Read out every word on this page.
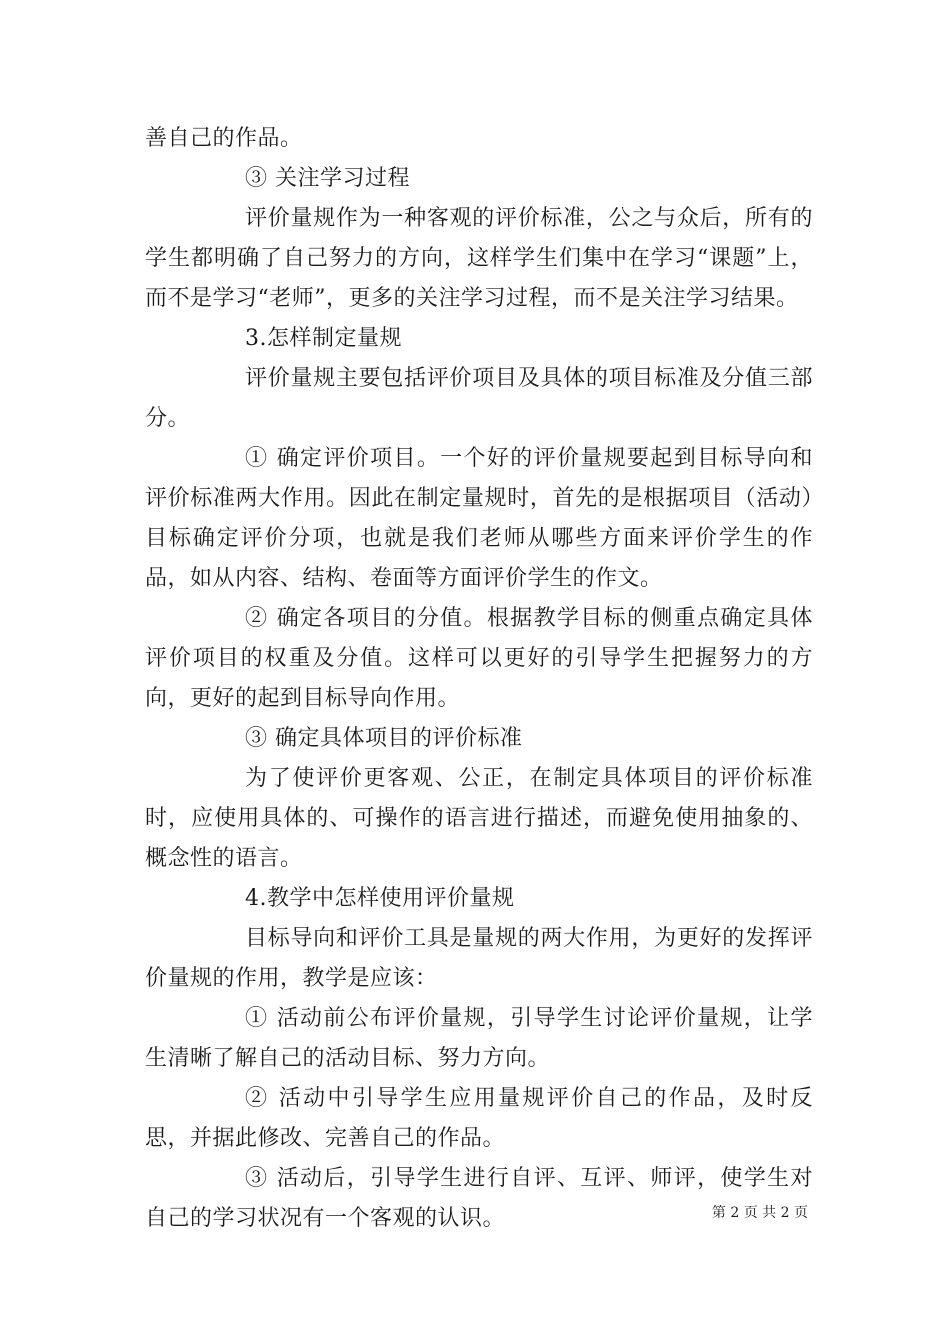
善自己的作品。

③ 关注学习过程

评价量规作为一种客观的评价标准，公之与众后，所有的学生都明确了自己努力的方向，这样学生们集中在学习“课题”上，而不是学习“老师”，更多的关注学习过程，而不是关注学习结果。

3.怎样制定量规

评价量规主要包括评价项目及具体的项目标准及分值三部分。

① 确定评价项目。一个好的评价量规要起到目标导向和评价标准两大作用。因此在制定量规时，首先的是根据项目（活动）目标确定评价分项，也就是我们老师从哪些方面来评价学生的作品，如从内容、结构、卷面等方面评价学生的作文。

② 确定各项目的分值。根据教学目标的侧重点确定具体评价项目的权重及分值。这样可以更好的引导学生把握努力的方向，更好的起到目标导向作用。

③ 确定具体项目的评价标准

为了使评价更客观、公正，在制定具体项目的评价标准时，应使用具体的、可操作的语言进行描述，而避免使用抽象的、概念性的语言。

4.教学中怎样使用评价量规

目标导向和评价工具是量规的两大作用，为更好的发挥评价量规的作用，教学是应该：

① 活动前公布评价量规，引导学生讨论评价量规，让学生清晰了解自己的活动目标、努力方向。

② 活动中引导学生应用量规评价自己的作品，及时反思，并据此修改、完善自己的作品。

③ 活动后，引导学生进行自评、互评、师评，使学生对自己的学习状况有一个客观的认识。	第 2 页 共 2 页
